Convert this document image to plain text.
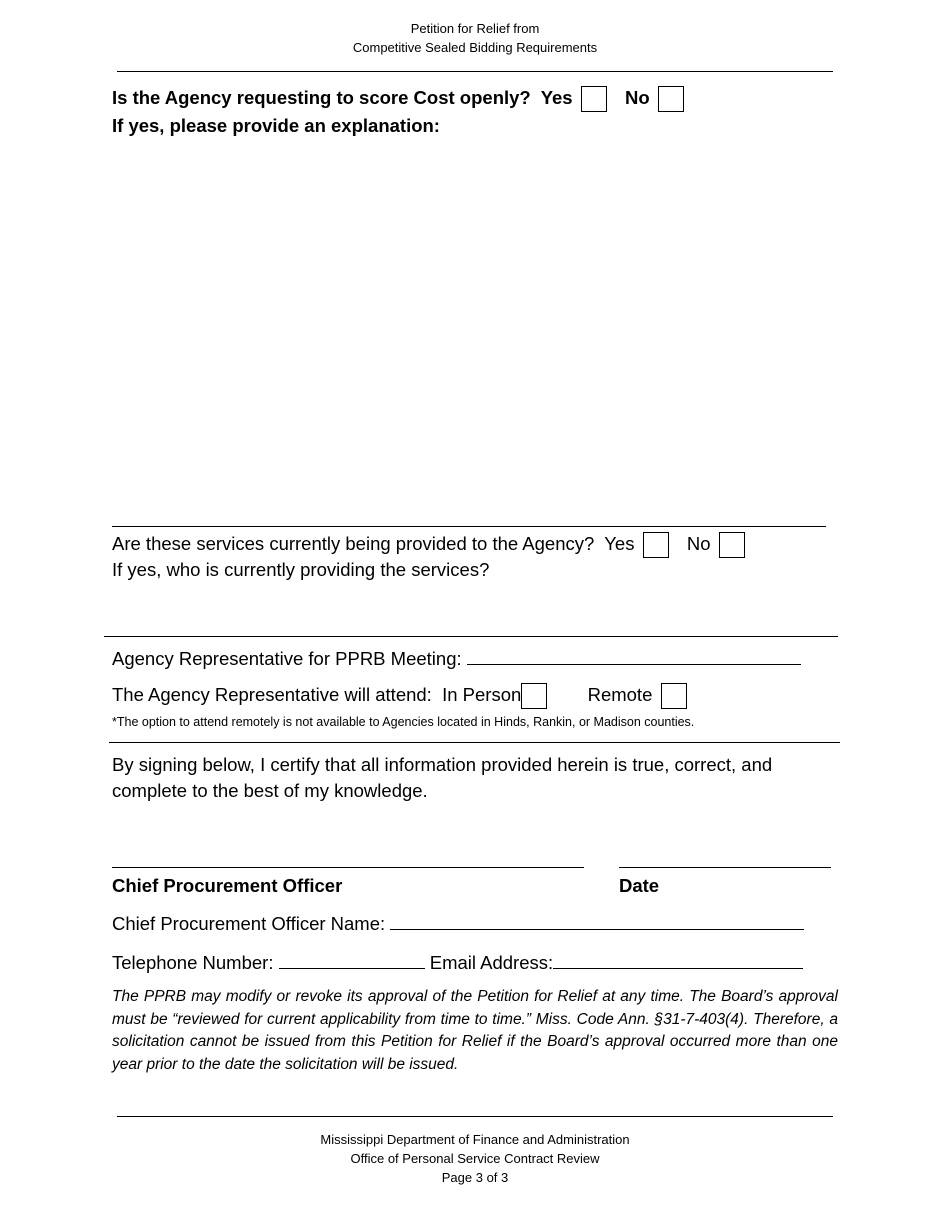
Petition for Relief from
Competitive Sealed Bidding Requirements
Is the Agency requesting to score Cost openly? Yes	No
If yes, please provide an explanation:
Are these services currently being provided to the Agency? Yes	No
If yes, who is currently providing the services?
Agency Representative for PPRB Meeting:
The Agency Representative will attend: In Person	Remote
*The option to attend remotely is not available to Agencies located in Hinds, Rankin, or Madison counties.
By signing below, I certify that all information provided herein is true, correct, and complete to the best of my knowledge.
Chief Procurement Officer	Date
Chief Procurement Officer Name:
Telephone Number:	Email Address:
The PPRB may modify or revoke its approval of the Petition for Relief at any time. The Board’s approval must be “reviewed for current applicability from time to time.” Miss. Code Ann. §31-7-403(4). Therefore, a solicitation cannot be issued from this Petition for Relief if the Board’s approval occurred more than one year prior to the date the solicitation will be issued.
Mississippi Department of Finance and Administration
Office of Personal Service Contract Review
Page 3 of 3
